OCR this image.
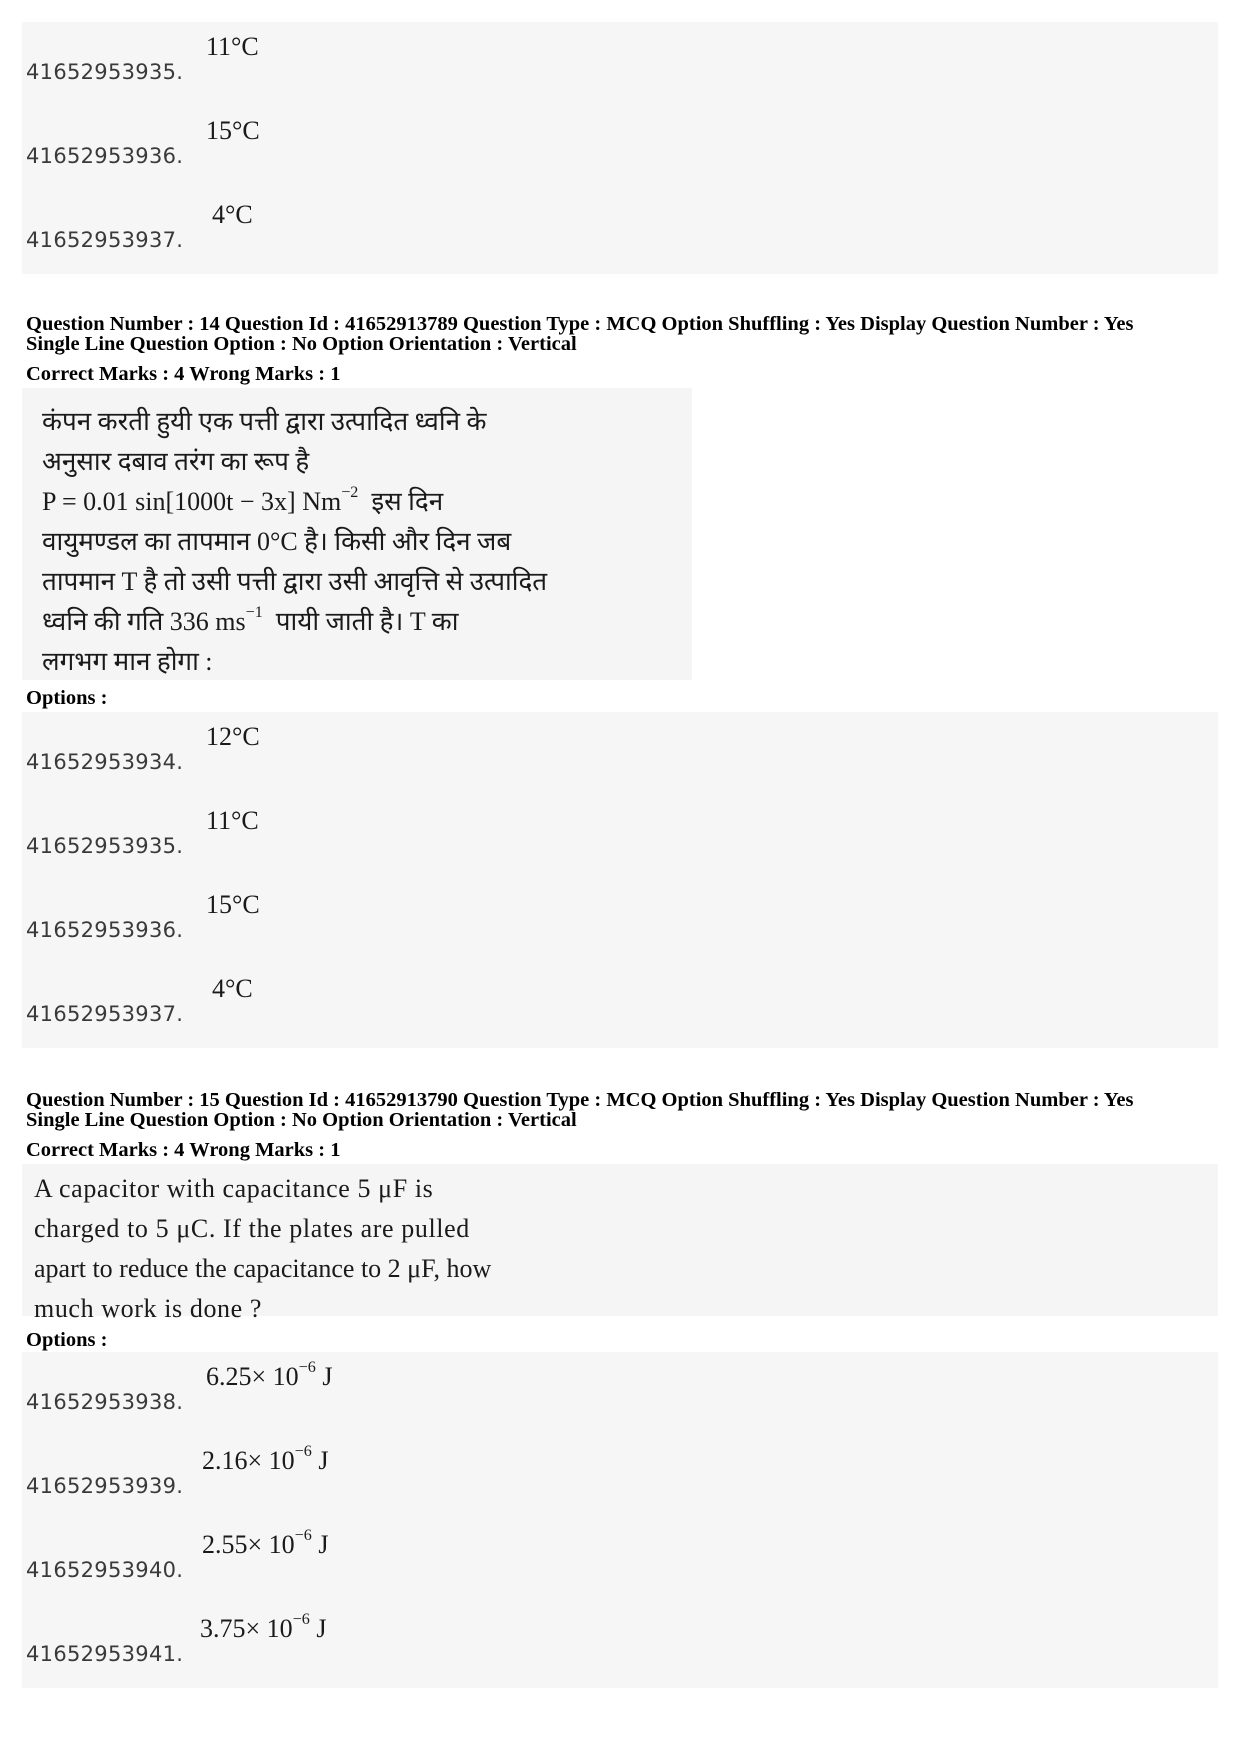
41652953935.
11°C
41652953936.
15°C
41652953937.
4°C
Question Number : 14 Question Id : 41652913789 Question Type : MCQ Option Shuffling : Yes Display Question Number : Yes
Single Line Question Option : No Option Orientation : Vertical
Correct Marks : 4 Wrong Marks : 1
कंपन करती हुयी एक पत्ती द्वारा उत्पादित ध्वनि के
अनुसार दबाव तरंग का रूप है
P = 0.01 sin[1000t − 3x] $Nm^{-2}$ इस दिन
वायुमण्डल का तापमान 0°C है। किसी और दिन जब
तापमान T है तो उसी पत्ती द्वारा उसी आवृत्ति से उत्पादित
ध्वनि की गति 336 $ms^{-1}$ पायी जाती है। T का
लगभग मान होगा :
Options :
41652953934.
12°C
41652953935.
11°C
41652953936.
15°C
41652953937.
4°C
Question Number : 15 Question Id : 41652913790 Question Type : MCQ Option Shuffling : Yes Display Question Number : Yes
Single Line Question Option : No Option Orientation : Vertical
Correct Marks : 4 Wrong Marks : 1
A capacitor with capacitance 5 μF is
charged to 5 μC. If the plates are pulled
apart to reduce the capacitance to 2 μF, how
much work is done ?
Options :
41652953938.
$6.25\times 10^{-6}$ J
41652953939.
$2.16\times 10^{-6}$ J
41652953940.
$2.55\times 10^{-6}$ J
41652953941.
$3.75\times 10^{-6}$ J
